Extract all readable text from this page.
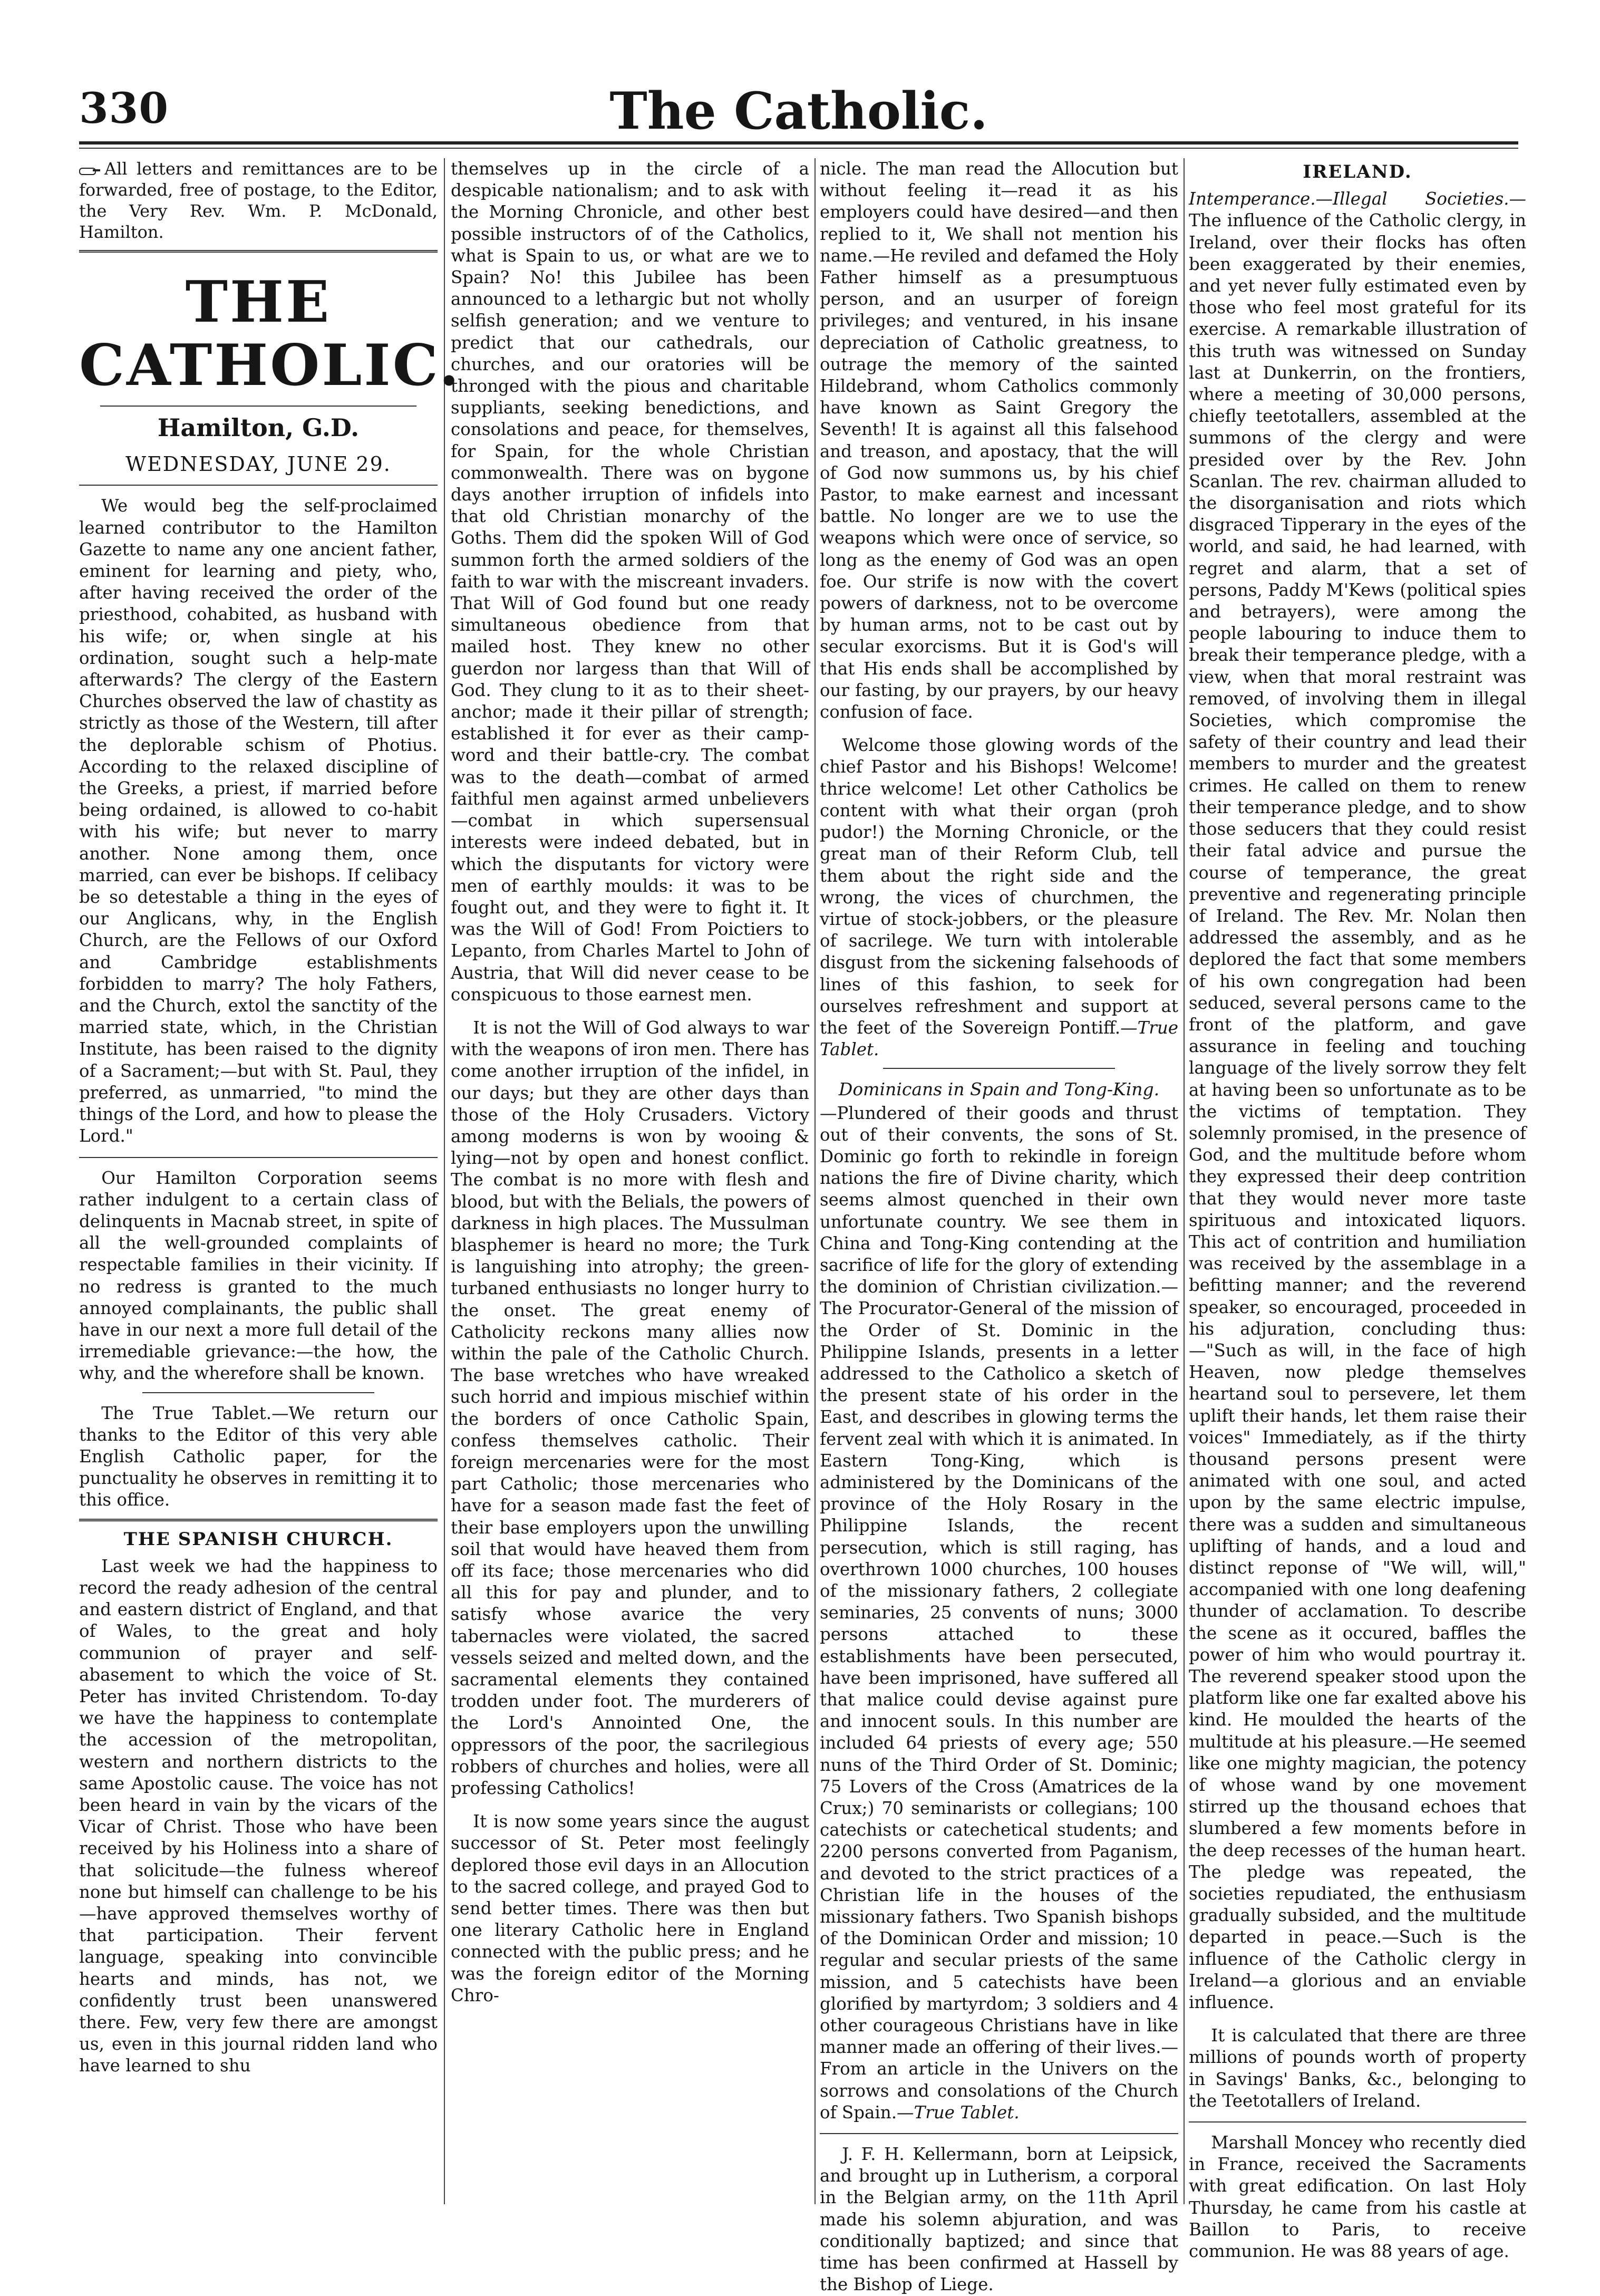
330	The Catholic.

All letters and remittances are to be forwarded, free of postage, to the Editor, the Very Rev. Wm. P. McDonald, Hamilton.

THE CATHOLIC.
Hamilton, G.D.
WEDNESDAY, JUNE 29.

We would beg the self-proclaimed learned contributor to the Hamilton Gazette to name any one ancient father, eminent for learning and piety, who, after having received the order of the priesthood, cohabited, as husband with his wife; or, when single at his ordination, sought such a help-mate afterwards? The clergy of the Eastern Churches observed the law of chastity as strictly as those of the Western, till after the deplorable schism of Photius. According to the relaxed discipline of the Greeks, a priest, if married before being ordained, is allowed to co-habit with his wife; but never to marry another. None among them, once married, can ever be bishops. If celibacy be so detestable a thing in the eyes of our Anglicans, why, in the English Church, are the Fellows of our Oxford and Cambridge establishments forbidden to marry? The holy Fathers, and the Church, extol the sanctity of the married state, which, in the Christian Institute, has been raised to the dignity of a Sacrament;—but with St. Paul, they preferred, as unmarried, "to mind the things of the Lord, and how to please the Lord."

Our Hamilton Corporation seems rather indulgent to a certain class of delinquents in Macnab street, in spite of all the well-grounded complaints of respectable families in their vicinity. If no redress is granted to the much annoyed complainants, the public shall have in our next a more full detail of the irremediable grievance:—the how, the why, and the wherefore shall be known.

The True Tablet.—We return our thanks to the Editor of this very able English Catholic paper, for the punctuality he observes in remitting it to this office.

THE SPANISH CHURCH.

Last week we had the happiness to record the ready adhesion of the central and eastern district of England, and that of Wales, to the great and holy communion of prayer and self-abasement to which the voice of St. Peter has invited Christendom. To-day we have the happiness to contemplate the accession of the metropolitan, western and northern districts to the same Apostolic cause. The voice has not been heard in vain by the vicars of the Vicar of Christ. Those who have been received by his Holiness into a share of that solicitude—the fulness whereof none but himself can challenge to be his—have approved themselves worthy of that participation. Their fervent language, speaking into convincible hearts and minds, has not, we confidently trust been unanswered there. Few, very few there are amongst us, even in this journal ridden land who have learned to shu

themselves up in the circle of a despicable nationalism; and to ask with the Morning Chronicle, and other best possible instructors of of the Catholics, what is Spain to us, or what are we to Spain? No! this Jubilee has been announced to a lethargic but not wholly selfish generation; and we venture to predict that our cathedrals, our churches, and our oratories will be thronged with the pious and charitable suppliants, seeking benedictions, and consolations and peace, for themselves, for Spain, for the whole Christian commonwealth. There was on bygone days another irruption of infidels into that old Christian monarchy of the Goths. Them did the spoken Will of God summon forth the armed soldiers of the faith to war with the miscreant invaders. That Will of God found but one ready simultaneous obedience from that mailed host. They knew no other guerdon nor largess than that Will of God. They clung to it as to their sheet-anchor; made it their pillar of strength; established it for ever as their camp-word and their battle-cry. The combat was to the death—combat of armed faithful men against armed unbelievers—combat in which supersensual interests were indeed debated, but in which the disputants for victory were men of earthly moulds: it was to be fought out, and they were to fight it. It was the Will of God! From Poictiers to Lepanto, from Charles Martel to John of Austria, that Will did never cease to be conspicuous to those earnest men.

It is not the Will of God always to war with the weapons of iron men. There has come another irruption of the infidel, in our days; but they are other days than those of the Holy Crusaders. Victory among moderns is won by wooing & lying—not by open and honest conflict. The combat is no more with flesh and blood, but with the Belials, the powers of darkness in high places. The Mussulman blasphemer is heard no more; the Turk is languishing into atrophy; the green-turbaned enthusiasts no longer hurry to the onset. The great enemy of Catholicity reckons many allies now within the pale of the Catholic Church. The base wretches who have wreaked such horrid and impious mischief within the borders of once Catholic Spain, confess themselves catholic. Their foreign mercenaries were for the most part Catholic; those mercenaries who have for a season made fast the feet of their base employers upon the unwilling soil that would have heaved them from off its face; those mercenaries who did all this for pay and plunder, and to satisfy whose avarice the very tabernacles were violated, the sacred vessels seized and melted down, and the sacramental elements they contained trodden under foot. The murderers of the Lord's Annointed One, the oppressors of the poor, the sacrilegious robbers of churches and holies, were all professing Catholics!

It is now some years since the august successor of St. Peter most feelingly deplored those evil days in an Allocution to the sacred college, and prayed God to send better times. There was then but one literary Catholic here in England connected with the public press; and he was the foreign editor of the Morning Chro-

nicle. The man read the Allocution but without feeling it—read it as his employers could have desired—and then replied to it, We shall not mention his name.—He reviled and defamed the Holy Father himself as a presumptuous person, and an usurper of foreign privileges; and ventured, in his insane depreciation of Catholic greatness, to outrage the memory of the sainted Hildebrand, whom Catholics commonly have known as Saint Gregory the Seventh! It is against all this falsehood and treason, and apostacy, that the will of God now summons us, by his chief Pastor, to make earnest and incessant battle. No longer are we to use the weapons which were once of service, so long as the enemy of God was an open foe. Our strife is now with the covert powers of darkness, not to be overcome by human arms, not to be cast out by secular exorcisms. But it is God's will that His ends shall be accomplished by our fasting, by our prayers, by our heavy confusion of face.

Welcome those glowing words of the chief Pastor and his Bishops! Welcome! thrice welcome! Let other Catholics be content with what their organ (proh pudor!) the Morning Chronicle, or the great man of their Reform Club, tell them about the right side and the wrong, the vices of churchmen, the virtue of stock-jobbers, or the pleasure of sacrilege. We turn with intolerable disgust from the sickening falsehoods of lines of this fashion, to seek for ourselves refreshment and support at the feet of the Sovereign Pontiff.—True Tablet.

Dominicans in Spain and Tong-King.

—Plundered of their goods and thrust out of their convents, the sons of St. Dominic go forth to rekindle in foreign nations the fire of Divine charity, which seems almost quenched in their own unfortunate country. We see them in China and Tong-King contending at the sacrifice of life for the glory of extending the dominion of Christian civilization.—The Procurator-General of the mission of the Order of St. Dominic in the Philippine Islands, presents in a letter addressed to the Catholico a sketch of the present state of his order in the East, and describes in glowing terms the fervent zeal with which it is animated. In Eastern Tong-King, which is administered by the Dominicans of the province of the Holy Rosary in the Philippine Islands, the recent persecution, which is still raging, has overthrown 1000 churches, 100 houses of the missionary fathers, 2 collegiate seminaries, 25 convents of nuns; 3000 persons attached to these establishments have been persecuted, have been imprisoned, have suffered all that malice could devise against pure and innocent souls. In this number are included 64 priests of every age; 550 nuns of the Third Order of St. Dominic; 75 Lovers of the Cross (Amatrices de la Crux;) 70 seminarists or collegians; 100 catechists or catechetical students; and 2200 persons converted from Paganism, and devoted to the strict practices of a Christian life in the houses of the missionary fathers. Two Spanish bishops of the Dominican Order and mission; 10 regular and secular priests of the same mission, and 5 catechists have been glorified by martyrdom; 3 soldiers and 4 other courageous Christians have in like manner made an offering of their lives.—From an article in the Univers on the sorrows and consolations of the Church of Spain.—True Tablet.

J. F. H. Kellermann, born at Leipsick, and brought up in Lutherism, a corporal in the Belgian army, on the 11th April made his solemn abjuration, and was conditionally baptized; and since that time has been confirmed at Hassell by the Bishop of Liege.

IRELAND.

Intemperance.—Illegal Societies.—The influence of the Catholic clergy, in Ireland, over their flocks has often been exaggerated by their enemies, and yet never fully estimated even by those who feel most grateful for its exercise. A remarkable illustration of this truth was witnessed on Sunday last at Dunkerrin, on the frontiers, where a meeting of 30,000 persons, chiefly teetotallers, assembled at the summons of the clergy and were presided over by the Rev. John Scanlan. The rev. chairman alluded to the disorganisation and riots which disgraced Tipperary in the eyes of the world, and said, he had learned, with regret and alarm, that a set of persons, Paddy M'Kews (political spies and betrayers), were among the people labouring to induce them to break their temperance pledge, with a view, when that moral restraint was removed, of involving them in illegal Societies, which compromise the safety of their country and lead their members to murder and the greatest crimes. He called on them to renew their temperance pledge, and to show those seducers that they could resist their fatal advice and pursue the course of temperance, the great preventive and regenerating principle of Ireland. The Rev. Mr. Nolan then addressed the assembly, and as he deplored the fact that some members of his own congregation had been seduced, several persons came to the front of the platform, and gave assurance in feeling and touching language of the lively sorrow they felt at having been so unfortunate as to be the victims of temptation. They solemnly promised, in the presence of God, and the multitude before whom they expressed their deep contrition that they would never more taste spirituous and intoxicated liquors. This act of contrition and humiliation was received by the assemblage in a befitting manner; and the reverend speaker, so encouraged, proceeded in his adjuration, concluding thus:—"Such as will, in the face of high Heaven, now pledge themselves heartand soul to persevere, let them uplift their hands, let them raise their voices" Immediately, as if the thirty thousand persons present were animated with one soul, and acted upon by the same electric impulse, there was a sudden and simultaneous uplifting of hands, and a loud and distinct reponse of "We will, will," accompanied with one long deafening thunder of acclamation. To describe the scene as it occured, baffles the power of him who would pourtray it. The reverend speaker stood upon the platform like one far exalted above his kind. He moulded the hearts of the multitude at his pleasure.—He seemed like one mighty magician, the potency of whose wand by one movement stirred up the thousand echoes that slumbered a few moments before in the deep recesses of the human heart. The pledge was repeated, the societies repudiated, the enthusiasm gradually subsided, and the multitude departed in peace.—Such is the influence of the Catholic clergy in Ireland—a glorious and an enviable influence.

It is calculated that there are three millions of pounds worth of property in Savings' Banks, &c., belonging to the Teetotallers of Ireland.

Marshall Moncey who recently died in France, received the Sacraments with great edification. On last Holy Thursday, he came from his castle at Baillon to Paris, to receive communion. He was 88 years of age.
